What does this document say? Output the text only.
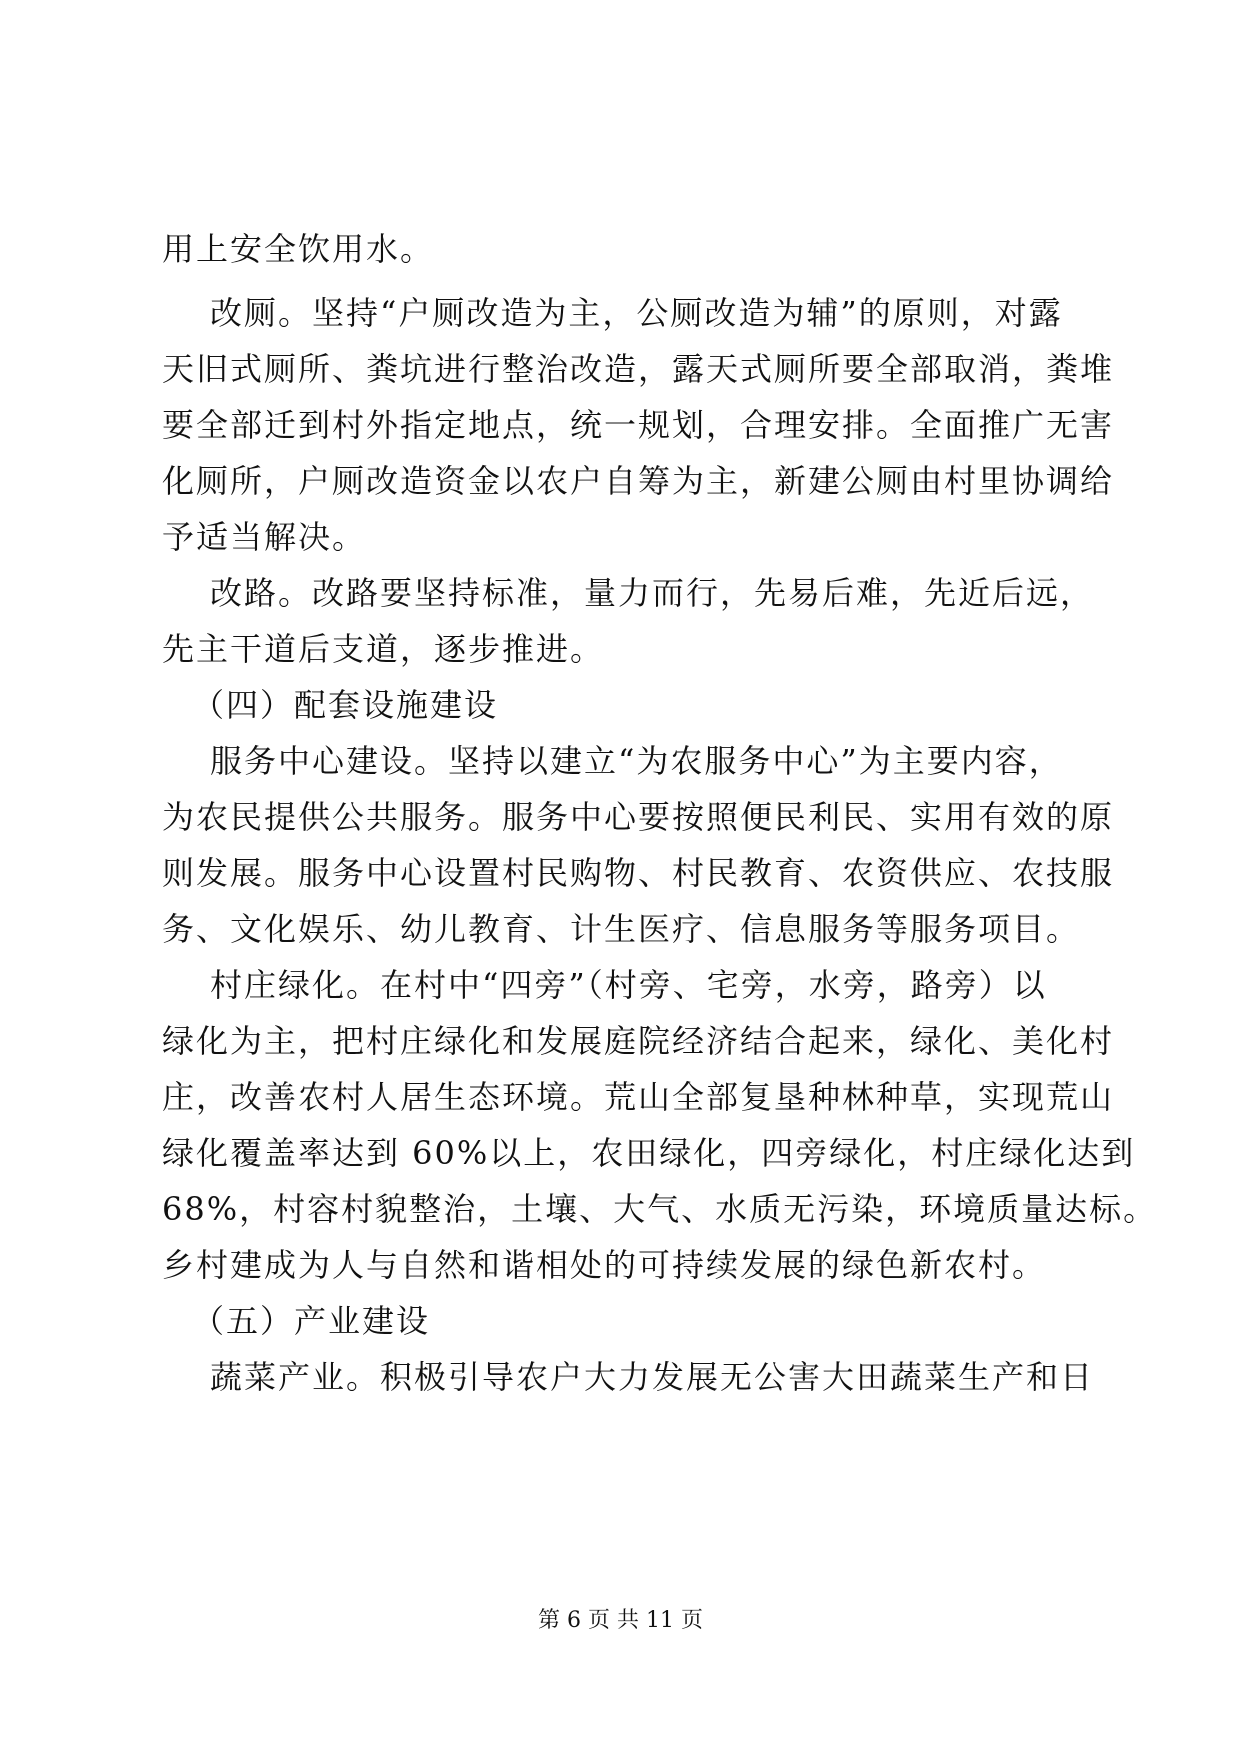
用上安全饮用水。
改厕。坚持“户厕改造为主，公厕改造为辅”的原则，对露
天旧式厕所、粪坑进行整治改造，露天式厕所要全部取消，粪堆
要全部迁到村外指定地点，统一规划，合理安排。全面推广无害
化厕所，户厕改造资金以农户自筹为主，新建公厕由村里协调给
予适当解决。
改路。改路要坚持标准，量力而行，先易后难，先近后远，
先主干道后支道，逐步推进。
（四）配套设施建设
服务中心建设。坚持以建立“为农服务中心”为主要内容，
为农民提供公共服务。服务中心要按照便民利民、实用有效的原
则发展。服务中心设置村民购物、村民教育、农资供应、农技服
务、文化娱乐、幼儿教育、计生医疗、信息服务等服务项目。
村庄绿化。在村中“四旁”（村旁、宅旁，水旁，路旁）以
绿化为主，把村庄绿化和发展庭院经济结合起来，绿化、美化村
庄，改善农村人居生态环境。荒山全部复垦种林种草，实现荒山
绿化覆盖率达到 60%以上，农田绿化，四旁绿化，村庄绿化达到
68%，村容村貌整治，土壤、大气、水质无污染，环境质量达标。
乡村建成为人与自然和谐相处的可持续发展的绿色新农村。
（五）产业建设
蔬菜产业。积极引导农户大力发展无公害大田蔬菜生产和日
第 6 页 共 11 页
